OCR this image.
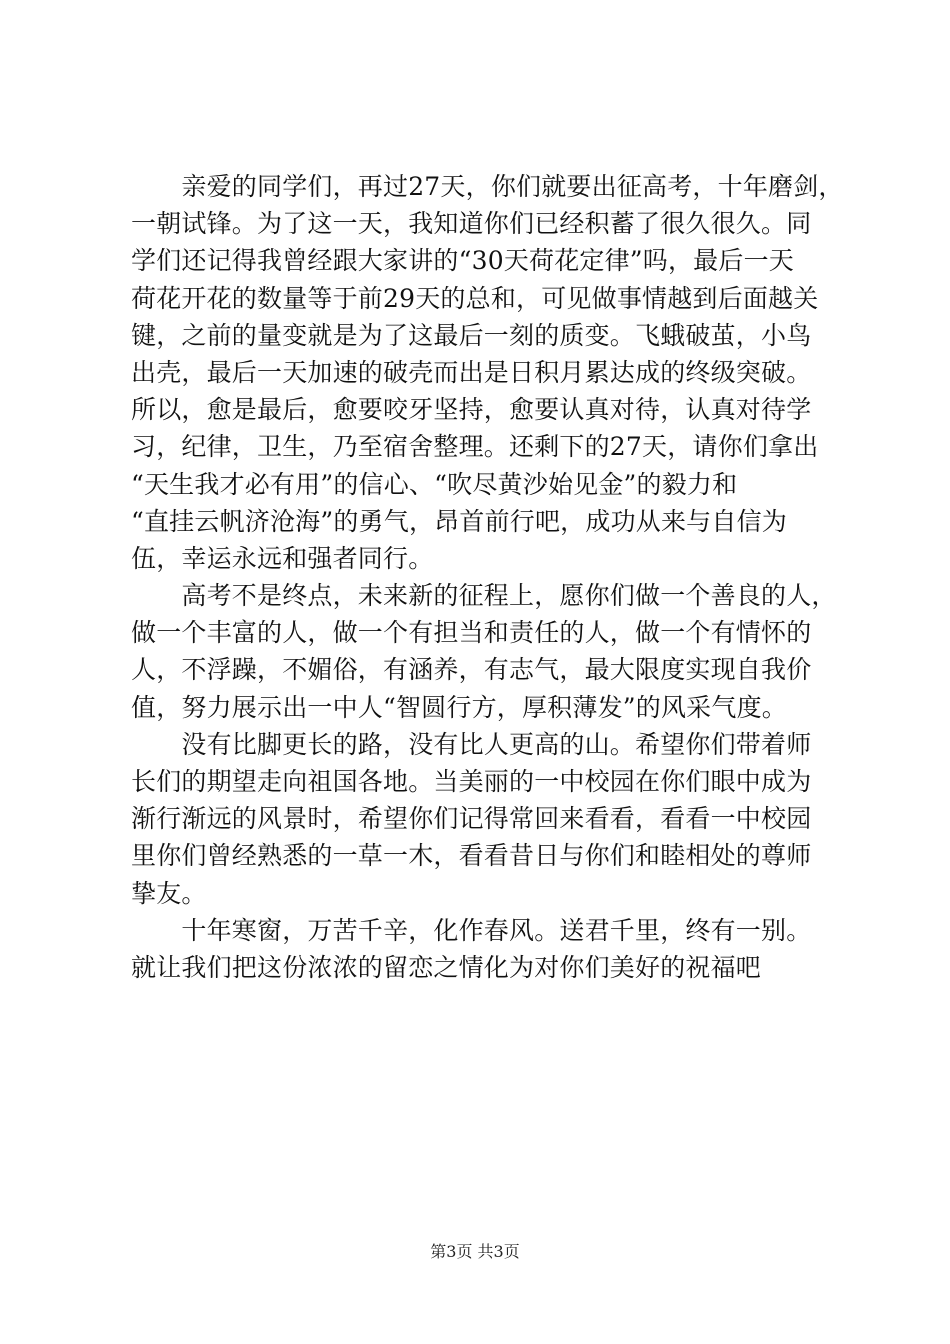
　　亲爱的同学们，再过27天，你们就要出征高考，十年磨剑，
一朝试锋。为了这一天，我知道你们已经积蓄了很久很久。同
学们还记得我曾经跟大家讲的“30天荷花定律”吗，最后一天
荷花开花的数量等于前29天的总和，可见做事情越到后面越关
键，之前的量变就是为了这最后一刻的质变。飞蛾破茧，小鸟
出壳，最后一天加速的破壳而出是日积月累达成的终级突破。
所以，愈是最后，愈要咬牙坚持，愈要认真对待，认真对待学
习，纪律，卫生，乃至宿舍整理。还剩下的27天，请你们拿出
“天生我才必有用”的信心、“吹尽黄沙始见金”的毅力和
“直挂云帆济沧海”的勇气，昂首前行吧，成功从来与自信为
伍，幸运永远和强者同行。
　　高考不是终点，未来新的征程上，愿你们做一个善良的人，
做一个丰富的人，做一个有担当和责任的人，做一个有情怀的
人，不浮躁，不媚俗，有涵养，有志气，最大限度实现自我价
值，努力展示出一中人“智圆行方，厚积薄发”的风采气度。
　　没有比脚更长的路，没有比人更高的山。希望你们带着师
长们的期望走向祖国各地。当美丽的一中校园在你们眼中成为
渐行渐远的风景时，希望你们记得常回来看看，看看一中校园
里你们曾经熟悉的一草一木，看看昔日与你们和睦相处的尊师
挚友。
　　十年寒窗，万苦千辛，化作春风。送君千里，终有一别。
就让我们把这份浓浓的留恋之情化为对你们美好的祝福吧
第3页 共3页
